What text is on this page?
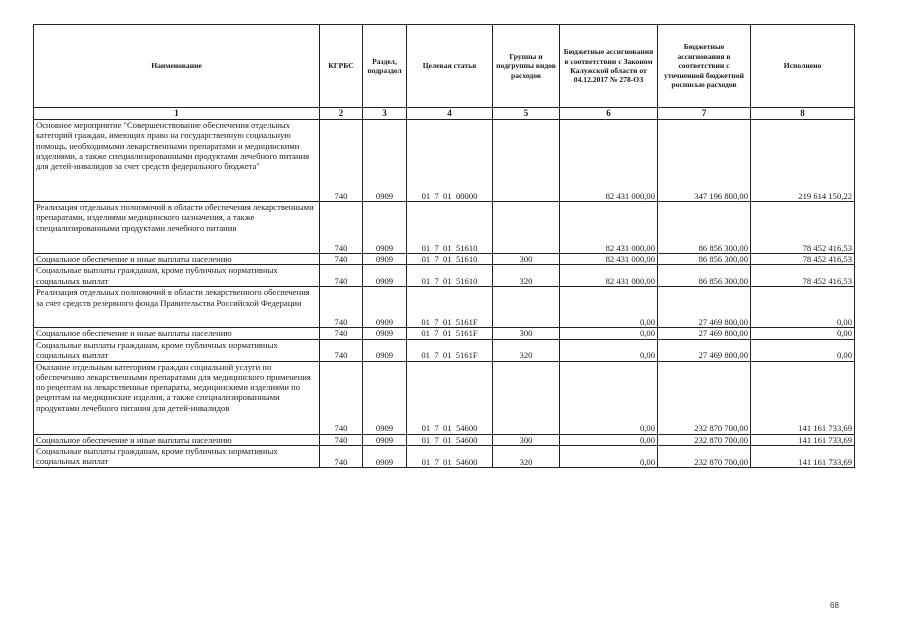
Наименование	КГРБС	Раздел, подраздел	Целевая статья	Группы и подгруппы видов расходов	Бюджетные ассигнования в соответствии с Законом Калужской области от 04.12.2017 № 278-ОЗ	Бюджетные ассигнования в соответствии с уточненной бюджетной росписью расходов	Исполнено
1	2	3	4	5	6	7	8
Основное мероприятие "Совершенствование обеспечения отдельных категорий граждан, имеющих право на государственную социальную помощь, необходимыми лекарственными препаратами и медицинскими изделиями, а также специализированными продуктами лечебного питания для детей-инвалидов за счет средств федерального бюджета"	740	0909	01  7  01  00000		82 431 000,00	347 196 800,00	219 614 150,22
Реализация отдельных полномочий в области обеспечения лекарственными препаратами, изделиями медицинского назначения, а также специализированными продуктами лечебного питания	740	0909	01  7  01  51610		82 431 000,00	86 856 300,00	78 452 416,53
Социальное обеспечение и иные выплаты населению	740	0909	01  7  01  51610	300	82 431 000,00	86 856 300,00	78 452 416,53
Социальные выплаты гражданам, кроме публичных нормативных социальных выплат	740	0909	01  7  01  51610	320	82 431 000,00	86 856 300,00	78 452 416,53
Реализация отдельных полномочий в области лекарственного обеспечения за счет средств резервного фонда Правительства Российской Федерации	740	0909	01  7  01  5161F		0,00	27 469 800,00	0,00
Социальное обеспечение и иные выплаты населению	740	0909	01  7  01  5161F	300	0,00	27 469 800,00	0,00
Социальные выплаты гражданам, кроме публичных нормативных социальных выплат	740	0909	01  7  01  5161F	320	0,00	27 469 800,00	0,00
Оказание отдельным категориям граждан социальной услуги по обеспечению лекарственными препаратами для медицинского применения по рецептам на лекарственные препараты, медицинскими изделиями по рецептам на медицинские изделия, а также специализированными продуктами лечебного питания для детей-инвалидов	740	0909	01  7  01  54600		0,00	232 870 700,00	141 161 733,69
Социальное обеспечение и иные выплаты населению	740	0909	01  7  01  54600	300	0,00	232 870 700,00	141 161 733,69
Социальные выплаты гражданам, кроме публичных нормативных социальных выплат	740	0909	01  7  01  54600	320	0,00	232 870 700,00	141 161 733,69
68
